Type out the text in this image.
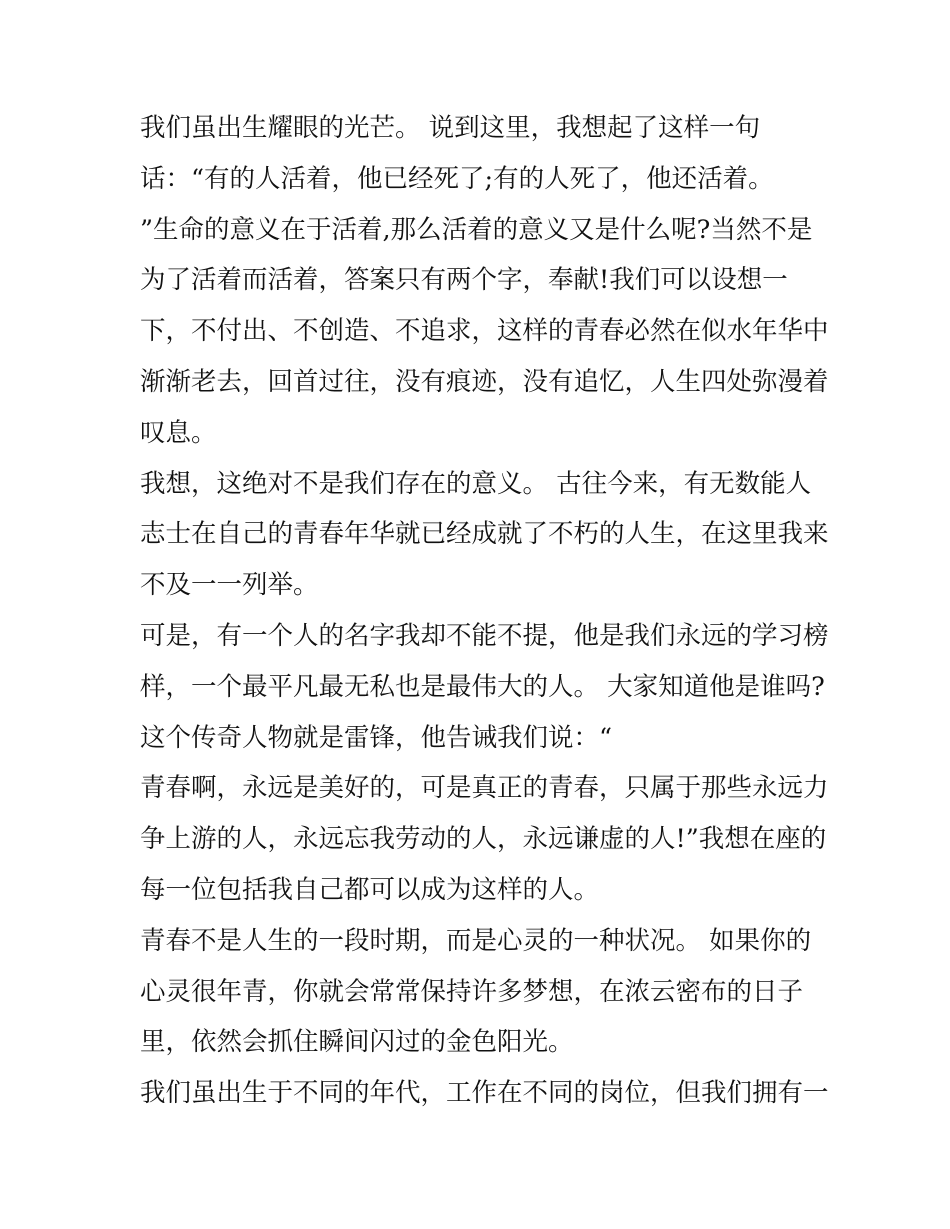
我们虽出生耀眼的光芒。 说到这里，我想起了这样一句
话：“有的人活着，他已经死了;有的人死了，他还活着。
”生命的意义在于活着,那么活着的意义又是什么呢?当然不是
为了活着而活着，答案只有两个字，奉献!我们可以设想一
下，不付出、不创造、不追求，这样的青春必然在似水年华中
渐渐老去，回首过往，没有痕迹，没有追忆，人生四处弥漫着
叹息。
我想，这绝对不是我们存在的意义。 古往今来，有无数能人
志士在自己的青春年华就已经成就了不朽的人生，在这里我来
不及一一列举。
可是，有一个人的名字我却不能不提，他是我们永远的学习榜
样，一个最平凡最无私也是最伟大的人。 大家知道他是谁吗?
这个传奇人物就是雷锋，他告诫我们说：“
青春啊，永远是美好的，可是真正的青春，只属于那些永远力
争上游的人，永远忘我劳动的人，永远谦虚的人!”我想在座的
每一位包括我自己都可以成为这样的人。
青春不是人生的一段时期，而是心灵的一种状况。 如果你的
心灵很年青，你就会常常保持许多梦想，在浓云密布的日子
里，依然会抓住瞬间闪过的金色阳光。
我们虽出生于不同的年代，工作在不同的岗位，但我们拥有一
